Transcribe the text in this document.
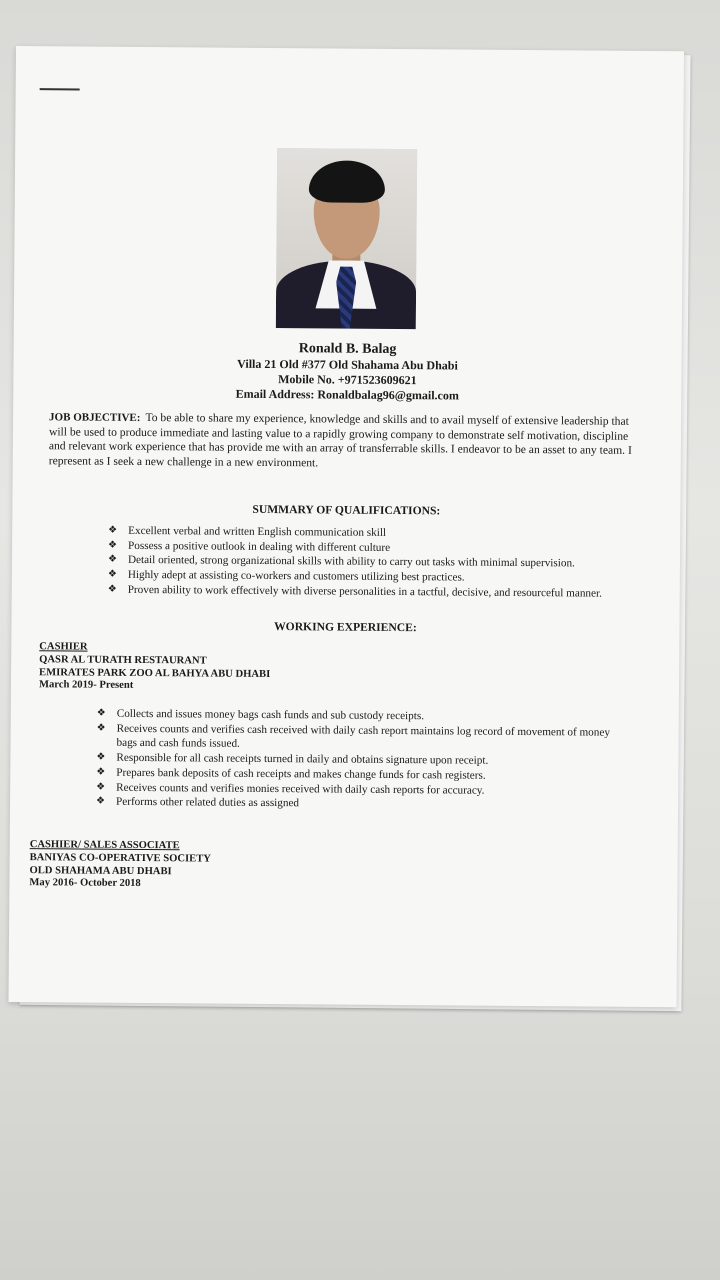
Ronald B. Balag

Villa 21 Old #377 Old Shahama Abu Dhabi

Mobile No. +971523609621

Email Address: Ronaldbalag96@gmail.com

JOB OBJECTIVE: To be able to share my experience, knowledge and skills and to avail myself of extensive leadership that will be used to produce immediate and lasting value to a rapidly growing company to demonstrate self motivation, discipline and relevant work experience that has provide me with an array of transferrable skills. I endeavor to be an asset to any team. I represent as I seek a new challenge in a new environment.

SUMMARY OF QUALIFICATIONS:

❖ Excellent verbal and written English communication skill
❖ Possess a positive outlook in dealing with different culture
❖ Detail oriented, strong organizational skills with ability to carry out tasks with minimal supervision.
❖ Highly adept at assisting co-workers and customers utilizing best practices.
❖ Proven ability to work effectively with diverse personalities in a tactful, decisive, and resourceful manner.

WORKING EXPERIENCE:

CASHIER
QASR AL TURATH RESTAURANT
EMIRATES PARK ZOO AL BAHYA ABU DHABI
March 2019- Present
❖ Collects and issues money bags cash funds and sub custody receipts.
❖ Receives counts and verifies cash received with daily cash report maintains log record of movement of money bags and cash funds issued.
❖ Responsible for all cash receipts turned in daily and obtains signature upon receipt.
❖ Prepares bank deposits of cash receipts and makes change funds for cash registers.
❖ Receives counts and verifies monies received with daily cash reports for accuracy.
❖ Performs other related duties as assigned
CASHIER/ SALES ASSOCIATE
BANIYAS CO-OPERATIVE SOCIETY
OLD SHAHAMA ABU DHABI
May 2016- October 2018
